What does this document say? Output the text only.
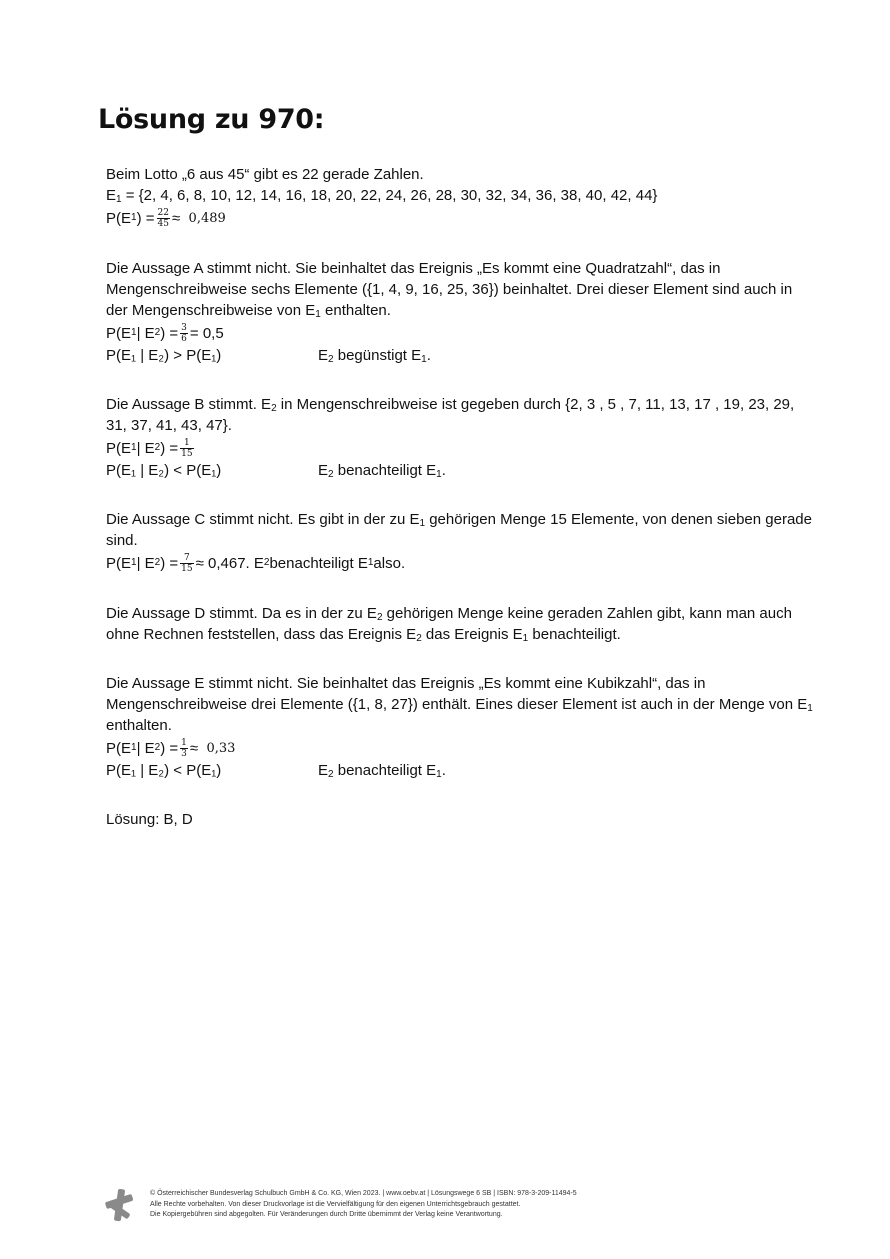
Lösung zu 970:
Beim Lotto „6 aus 45“ gibt es 22 gerade Zahlen.
$E_1 = \{2$, 4, 6, 8, 10, 12, 14, 16, 18, 20, 22, 24, 26, 28, 30, 32, 34, 36, 38, 40, 42, 44}
P(E 1 ) = $\frac{22}{45}$ ≈
0,489
Die Aussage A stimmt nicht. Sie beinhaltet das Ereignis „Es kommt eine Quadratzahl“, das in Mengenschreibweise sechs Elemente ({1, 4, 9, 16, 25, 36}) beinhaltet. Drei dieser Element sind auch in der Mengenschreibweise von $E_1$ enthalten.
P(E 1 | E 2 ) = $\frac{3}{6} = 0,5$
P(E₁ | E₂) > P(E₁)	$E_2$ begünstigt $E_1$.
Die Aussage B stimmt. $E_2$ in Mengenschreibweise ist gegeben durch {2, 3 , 5 , 7, 11, 13, 17 , 19, 23, 29, 31, 37, 41, 43, 47}.
P(E 1 | E 2 ) = $\frac{1}{15}$
P(E₁ | E₂) < P(E₁)	$E_2$ benachteiligt $E_1$.
Die Aussage C stimmt nicht. Es gibt in der zu $E_1$ gehörigen Menge 15 Elemente, von denen sieben gerade sind.
P(E 1 | E 2 ) = $\frac{7}{15} \approx 0,467$. E 2 benachteiligt E 1 also.
Die Aussage D stimmt. Da es in der zu $E_2$ gehörigen Menge keine geraden Zahlen gibt, kann man auch ohne Rechnen feststellen, dass das Ereignis $E_2$ das Ereignis $E_1$ benachteiligt.
Die Aussage E stimmt nicht. Sie beinhaltet das Ereignis „Es kommt eine Kubikzahl“, das in Mengenschreibweise drei Elemente ({1, 8, 27}) enthält. Eines dieser Element ist auch in der Menge von $E_1$ enthalten.
P(E 1 | E 2 ) = $\frac{1}{3}$ ≈
0,33
P(E₁ | E₂) < P(E₁)	$E_2$ benachteiligt $E_1$.
Lösung: B, D
© Österreichischer Bundesverlag Schulbuch GmbH & Co. KG, Wien 2023. | www.oebv.at | Lösungswege 6 SB | ISBN: 978-3-209-11494-5
Alle Rechte vorbehalten. Von dieser Druckvorlage ist die Vervielfältigung für den eigenen Unterrichtsgebrauch gestattet.
Die Kopiergebühren sind abgegolten. Für Veränderungen durch Dritte übernimmt der Verlag keine Verantwortung.
